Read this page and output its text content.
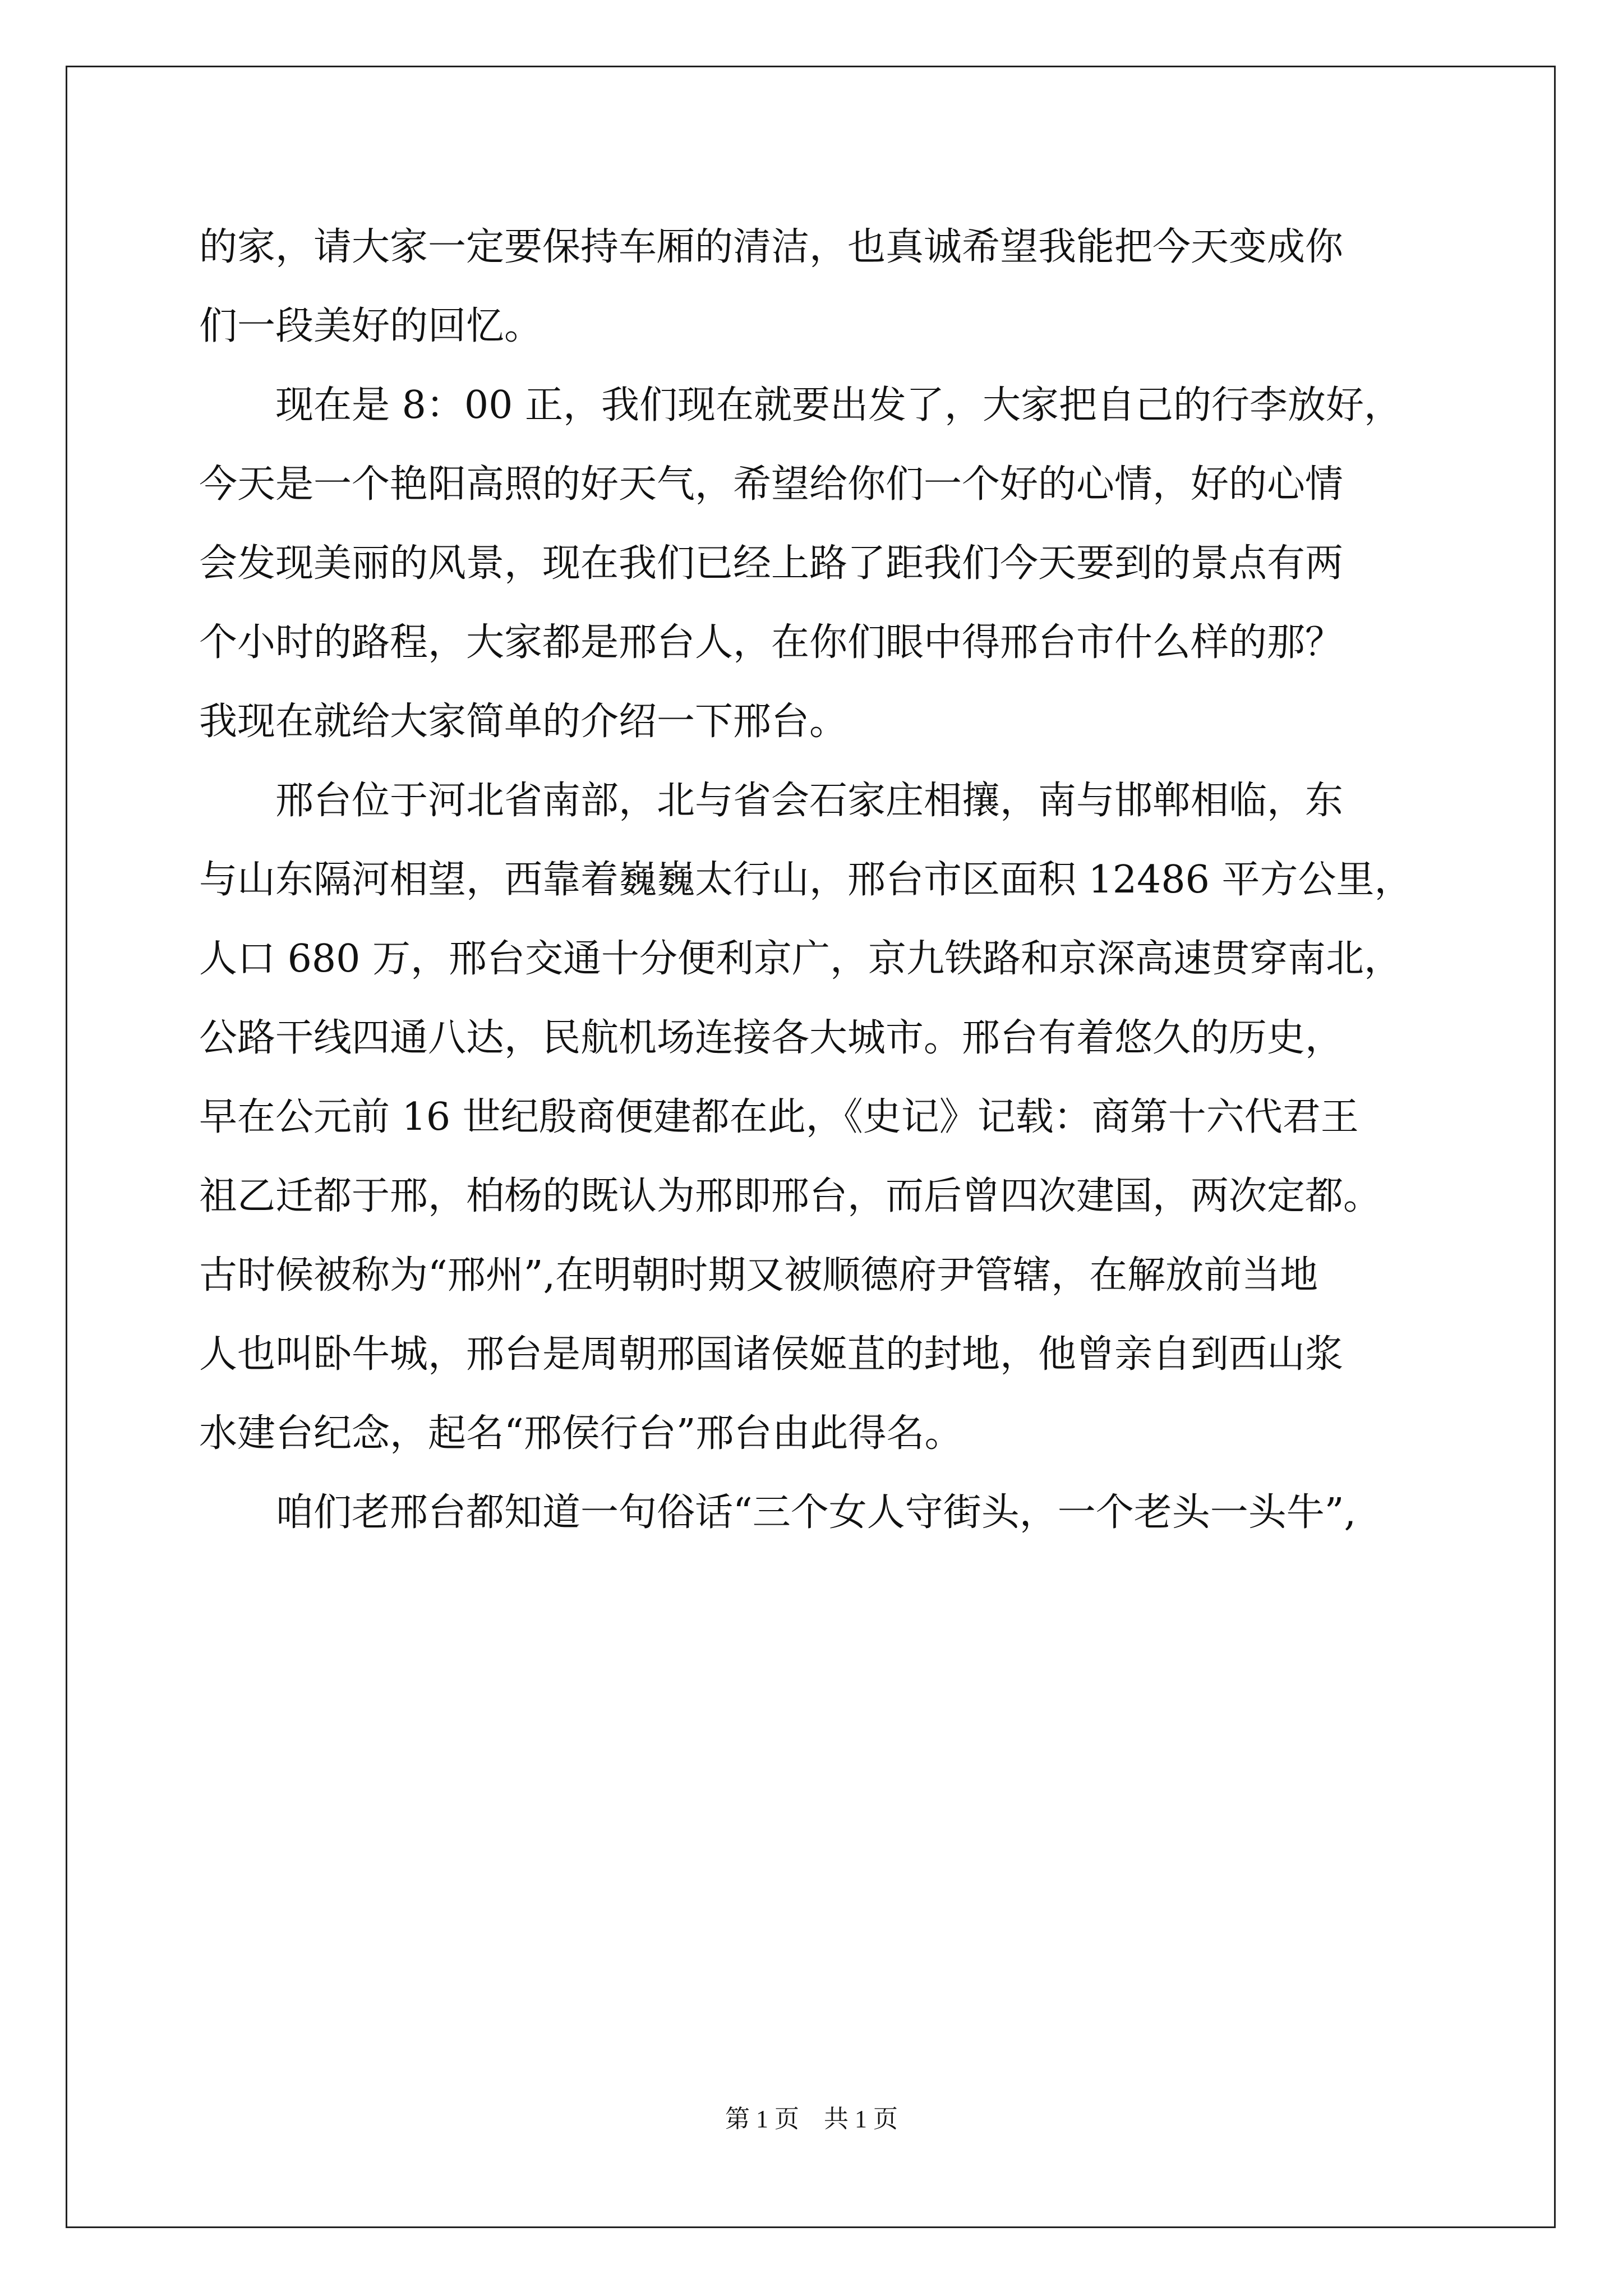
的家，请大家一定要保持车厢的清洁，也真诚希望我能把今天变成你
们一段美好的回忆。
　　现在是 8：00 正，我们现在就要出发了，大家把自己的行李放好，
今天是一个艳阳高照的好天气，希望给你们一个好的心情，好的心情
会发现美丽的风景，现在我们已经上路了距我们今天要到的景点有两
个小时的路程，大家都是邢台人，在你们眼中得邢台市什么样的那？
我现在就给大家简单的介绍一下邢台。
　　邢台位于河北省南部，北与省会石家庄相攘，南与邯郸相临，东
与山东隔河相望，西靠着巍巍太行山，邢台市区面积 12486 平方公里，
人口 680 万，邢台交通十分便利京广，京九铁路和京深高速贯穿南北，
公路干线四通八达，民航机场连接各大城市。邢台有着悠久的历史，
早在公元前 16 世纪殷商便建都在此，《史记》记载：商第十六代君王
祖乙迁都于邢，柏杨的既认为邢即邢台，而后曾四次建国，两次定都。
古时候被称为“邢州”,在明朝时期又被顺德府尹管辖，在解放前当地
人也叫卧牛城，邢台是周朝邢国诸侯姬苴的封地，他曾亲自到西山浆
水建台纪念，起名“邢侯行台”邢台由此得名。
　　咱们老邢台都知道一句俗话“三个女人守街头，一个老头一头牛”,
第 1 页　共 1 页
